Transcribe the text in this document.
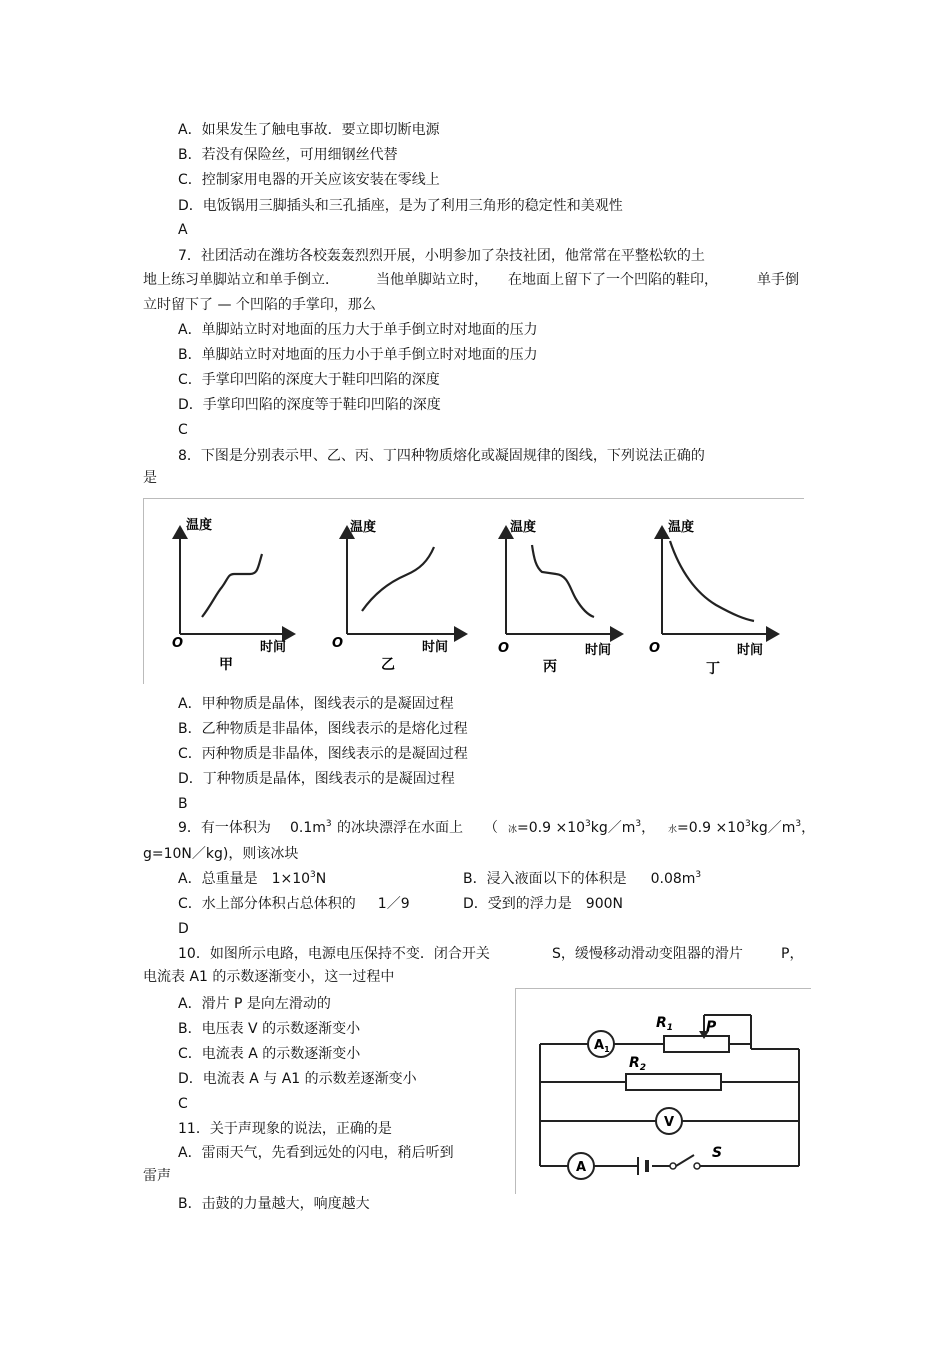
A．如果发生了触电事故．要立即切断电源
B．若没有保险丝，可用细钢丝代替
C．控制家用电器的开关应该安装在零线上
D．电饭锅用三脚插头和三孔插座，是为了利用三角形的稳定性和美观性
A
7．社团活动在潍坊各校轰轰烈烈开展，小明参加了杂技社团，他常常在平整松软的土
地上练习单脚站立和单手倒立．	当他单脚站立时， 在地面上留下了一个凹陷的鞋印，	单手倒
立时留下了 — 个凹陷的手掌印，那么
A．单脚站立时对地面的压力大于单手倒立时对地面的压力
B．单脚站立时对地面的压力小于单手倒立时对地面的压力
C．手掌印凹陷的深度大于鞋印凹陷的深度
D．手掌印凹陷的深度等于鞋印凹陷的深度
C
8．下图是分别表示甲、乙、丙、丁四种物质熔化或凝固规律的图线，下列说法正确的
是
温度
时间
O
甲
温度
时间
O
乙
温度
时间
O
丙
温度
时间
O
丁
A．甲种物质是晶体，图线表示的是凝固过程
B．乙种物质是非晶体，图线表示的是熔化过程
C．丙种物质是非晶体，图线表示的是凝固过程
D．丁种物质是晶体，图线表示的是凝固过程
B
9．有一体积为 $0.1m^3$ 的冰块漂浮在水面上 （ 冰$=0.9 \times 10^3kg/m^3$， 水$=0.9 \times 10^3kg/m^3$，
g=10N／kg)，则该冰块
A．总重量是 $1\times 10^3N$	B．浸入液面以下的体积是 $0.08m^3$
C．水上部分体积占总体积的 1／9	D．受到的浮力是 900N
D
10．如图所示电路，电源电压保持不变．闭合开关	S，缓慢移动滑动变阻器的滑片	P，
电流表 A1 的示数逐渐变小，这一过程中
A．滑片 P 是向左滑动的
B．电压表 V 的示数逐渐变小
C．电流表 A 的示数逐渐变小
D．电流表 A 与 A1 的示数差逐渐变小
C
$A_1$
V
A
$R_1$ P
$R_2$
S
11．关于声现象的说法，正确的是
A．雷雨天气，先看到远处的闪电，稍后听到
雷声
B．击鼓的力量越大，响度越大
